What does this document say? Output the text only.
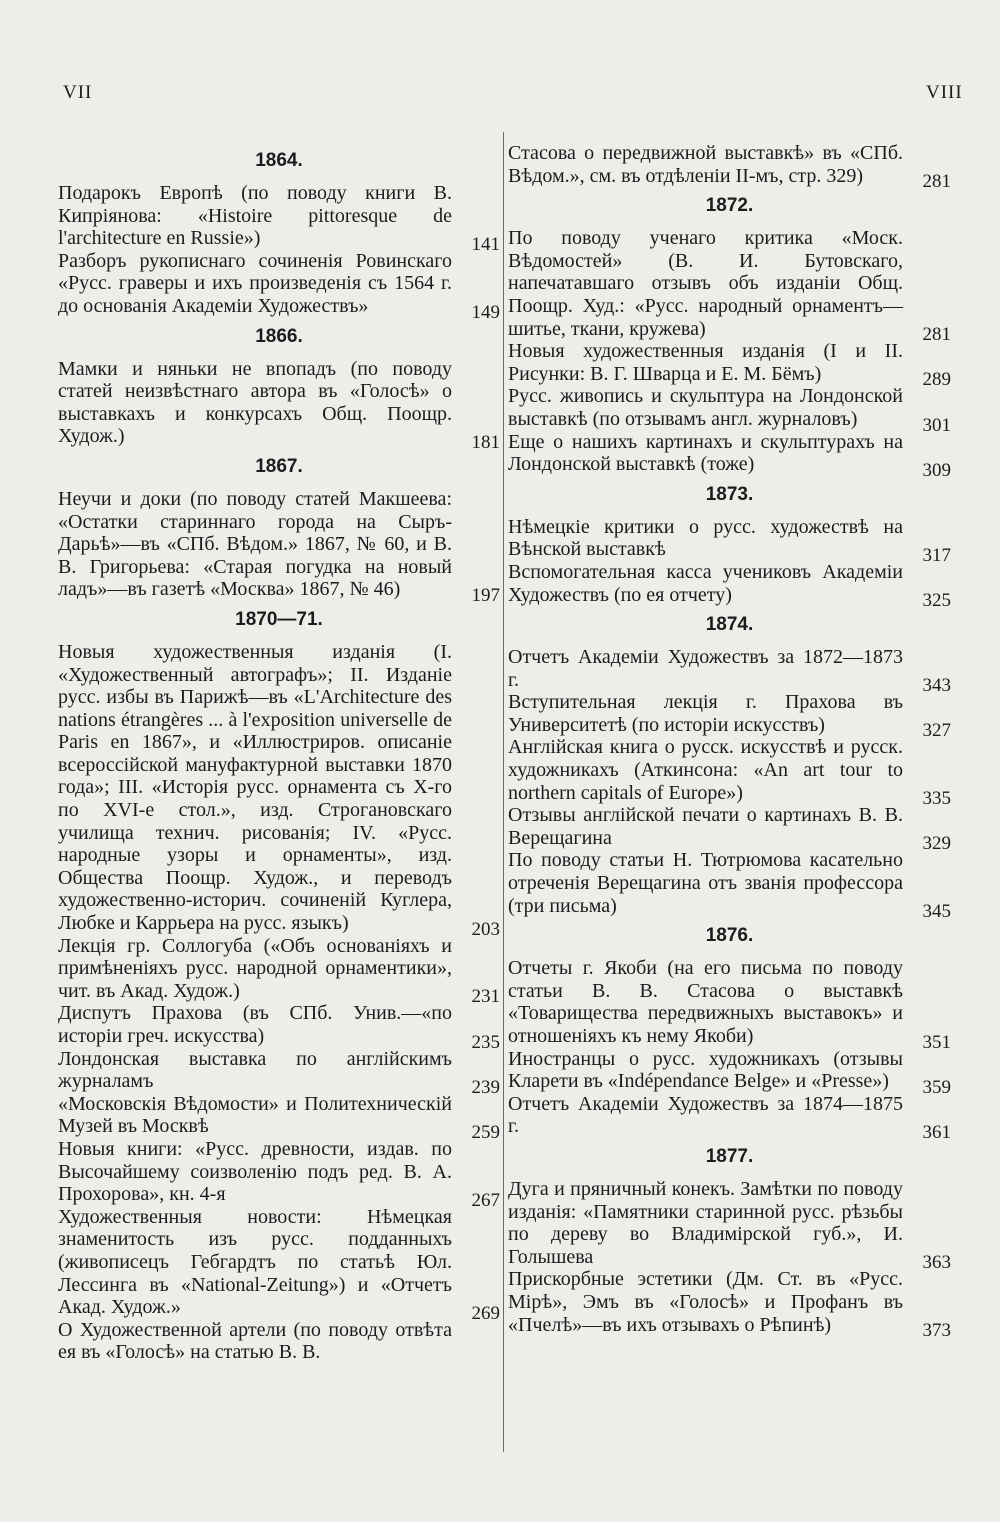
VII	VIII
1864.
Подарокъ Европѣ (по поводу книги В. Кипріянова: «Histoire pittoresque de l'architecture en Russie»)	141
Разборъ рукописнаго сочиненія Ровинскаго «Русс. граверы и ихъ произведенія съ 1564 г. до основанія Академіи Художествъ»	149
1866.
Мамки и няньки не впопадъ (по поводу статей неизвѣстнаго автора въ «Голосѣ» о выставкахъ и конкурсахъ Общ. Поощр. Худож.)	181
1867.
Неучи и доки (по поводу статей Макшеева: «Остатки стариннаго города на Сыръ-Дарьѣ»—въ «СПб. Вѣдом.» 1867, № 60, и В. В. Григорьева: «Старая погудка на новый ладъ»—въ газетѣ «Москва» 1867, № 46)	197
1870—71.
Новыя художественныя изданія (I. «Художественный автографъ»; II. Изданіе русс. избы въ Парижѣ—въ «L'Architecture des nations étrangères ... à l'exposition universelle de Paris en 1867», и «Иллюстриров. описаніе всероссійской мануфактурной выставки 1870 года»; III. «Исторія русс. орнамента съ X-го по XVI-е стол.», изд. Строгановскаго училища технич. рисованія; IV. «Русс. народные узоры и орнаменты», изд. Общества Поощр. Худож., и переводъ художественно-историч. сочиненій Куглера, Любке и Каррьера на русс. языкъ)	203
Лекція гр. Соллогуба («Объ основаніяхъ и примѣненіяхъ русс. народной орнаментики», чит. въ Акад. Худож.)	231
Диспутъ Прахова (въ СПб. Унив.—«по исторіи греч. искусства)	235
Лондонская выставка по англійскимъ журналамъ	239
«Московскія Вѣдомости» и Политехническій Музей въ Москвѣ	259
Новыя книги: «Русс. древности, издав. по Высочайшему соизволенію подъ ред. В. А. Прохорова», кн. 4-я	267
Художественныя новости: Нѣмецкая знаменитость изъ русс. подданныхъ (живописецъ Гебгардтъ по статьѣ Юл. Лессинга въ «National-Zeitung») и «Отчетъ Акад. Худож.»	269
О Художественной артели (по поводу отвѣта ея въ «Голосѣ» на статью В. В.
Стасова о передвижной выставкѣ» въ «СПб. Вѣдом.», см. въ отдѣленіи II-мъ, стр. 329)	281
1872.
По поводу ученаго критика «Моск. Вѣдомостей» (В. И. Бутовскаго, напечатавшаго отзывъ объ изданіи Общ. Поощр. Худ.: «Русс. народный орнаментъ—шитье, ткани, кружева)	281
Новыя художественныя изданія (I и II. Рисунки: В. Г. Шварца и Е. М. Бёмъ)	289
Русс. живопись и скульптура на Лондонской выставкѣ (по отзывамъ англ. журналовъ)	301
Еще о нашихъ картинахъ и скульптурахъ на Лондонской выставкѣ (тоже)	309
1873.
Нѣмецкіе критики о русс. художествѣ на Вѣнской выставкѣ	317
Вспомогательная касса учениковъ Академіи Художествъ (по ея отчету)	325
1874.
Отчетъ Академіи Художествъ за 1872—1873 г.	343
Вступительная лекція г. Прахова въ Университетѣ (по исторіи искусствъ)	327
Англійская книга о русск. искусствѣ и русск. художникахъ (Аткинсона: «An art tour to northern capitals of Europe»)	335
Отзывы англійской печати о картинахъ В. В. Верещагина	329
По поводу статьи Н. Тютрюмова касательно отреченія Верещагина отъ званія профессора (три письма)	345
1876.
Отчеты г. Якоби (на его письма по поводу статьи В. В. Стасова о выставкѣ «Товарищества передвижныхъ выставокъ» и отношеніяхъ къ нему Якоби)	351
Иностранцы о русс. художникахъ (отзывы Кларети въ «Indépendance Belge» и «Presse»)	359
Отчетъ Академіи Художествъ за 1874—1875 г.	361
1877.
Дуга и пряничный конекъ. Замѣтки по поводу изданія: «Памятники старинной русс. рѣзьбы по дереву во Владимірской губ.», И. Голышева	363
Прискорбные эстетики (Дм. Ст. въ «Русс. Мірѣ», Эмъ въ «Голосѣ» и Профанъ въ «Пчелѣ»—въ ихъ отзывахъ о Рѣпинѣ)	373
